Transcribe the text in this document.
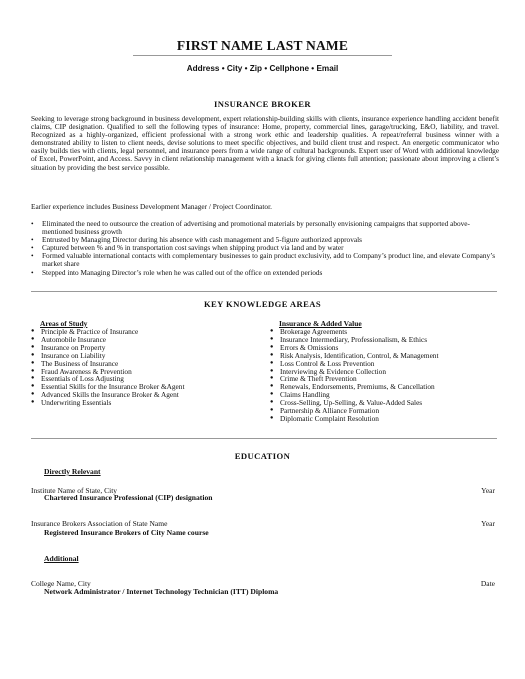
FIRST NAME LAST NAME
Address • City • Zip • Cellphone • Email
INSURANCE BROKER
Seeking to leverage strong background in business development, expert relationship-building skills with clients, insurance experience handling accident benefit claims, CIP designation. Qualified to sell the following types of insurance: Home, property, commercial lines, garage/trucking, E&O, liability, and travel. Recognized as a highly-organized, efficient professional with a strong work ethic and leadership qualities. A repeat/referral business winner with a demonstrated ability to listen to client needs, devise solutions to meet specific objectives, and build client trust and respect. An energetic communicator who easily builds ties with clients, legal personnel, and insurance peers from a wide range of cultural backgrounds. Expert user of Word with additional knowledge of Excel, PowerPoint, and Access. Savvy in client relationship management with a knack for giving clients full attention; passionate about improving a client’s situation by providing the best service possible.
Earlier experience includes Business Development Manager / Project Coordinator.
• Eliminated the need to outsource the creation of advertising and promotional materials by personally envisioning campaigns that supported above-mentioned business growth
• Entrusted by Managing Director during his absence with cash management and 5-figure authorized approvals
• Captured between % and % in transportation cost savings when shipping product via land and by water
• Formed valuable international contacts with complementary businesses to gain product exclusivity, add to Company’s product line, and elevate Company’s market share
• Stepped into Managing Director’s role when he was called out of the office on extended periods
KEY KNOWLEDGE AREAS
Areas of Study
● Principle & Practice of Insurance
● Automobile Insurance
● Insurance on Property
● Insurance on Liability
● The Business of Insurance
● Fraud Awareness & Prevention
● Essentials of Loss Adjusting
● Essential Skills for the Insurance Broker &Agent
● Advanced Skills the Insurance Broker & Agent
● Underwriting Essentials
Insurance & Added Value
● Brokerage Agreements
● Insurance Intermediary, Professionalism, & Ethics
● Errors & Omissions
● Risk Analysis, Identification, Control, & Management
● Loss Control & Loss Prevention
● Interviewing & Evidence Collection
● Crime & Theft Prevention
● Renewals, Endorsements, Premiums, & Cancellation
● Claims Handling
● Cross-Selling, Up-Selling, & Value-Added Sales
● Partnership & Alliance Formation
● Diplomatic Complaint Resolution
EDUCATION
Directly Relevant
Institute Name of State, City	Year
Chartered Insurance Professional (CIP) designation
Insurance Brokers Association of State Name	Year
Registered Insurance Brokers of City Name course
Additional
College Name, City	Date
Network Administrator / Internet Technology Technician (ITT) Diploma
